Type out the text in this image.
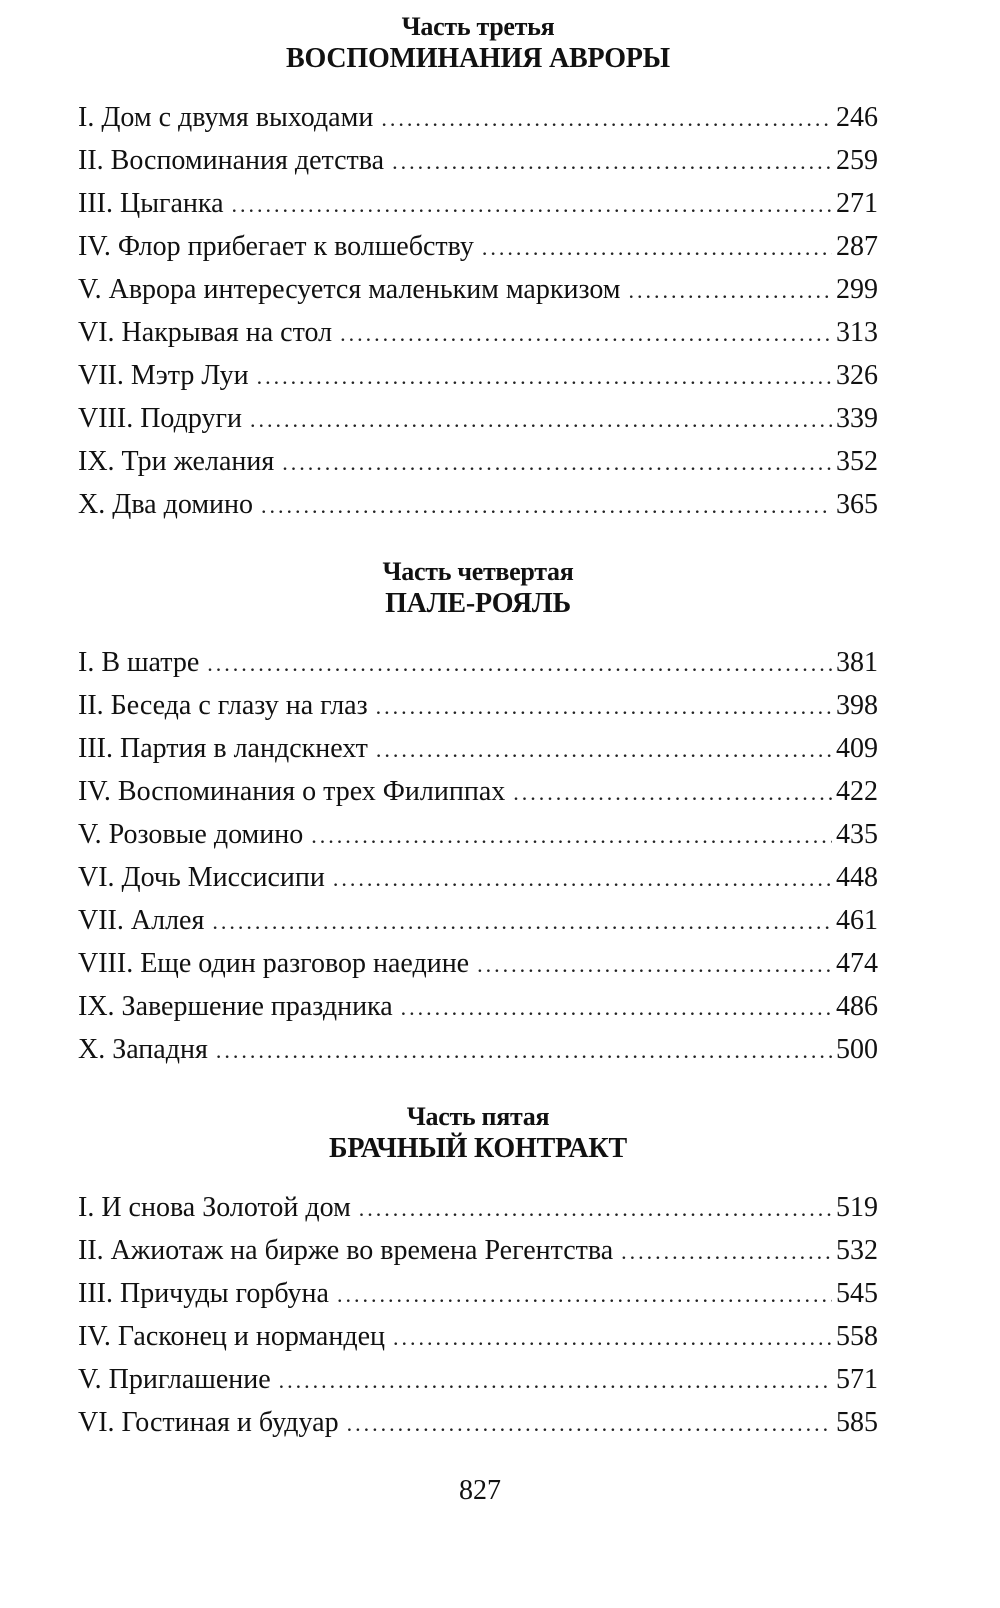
Часть третья
ВОСПОМИНАНИЯ АВРОРЫ
I. Дом с двумя выходами .....	246
II. Воспоминания детства .....	259
III. Цыганка .....	271
IV. Флор прибегает к волшебству .....	287
V. Аврора интересуется маленьким маркизом .....	299
VI. Накрывая на стол .....	313
VII. Мэтр Луи .....	326
VIII. Подруги .....	339
IX. Три желания .....	352
X. Два домино .....	365
Часть четвертая
ПАЛЕ-РОЯЛЬ
I. В шатре .....	381
II. Беседа с глазу на глаз .....	398
III. Партия в ландскнехт .....	409
IV. Воспоминания о трех Филиппах .....	422
V. Розовые домино .....	435
VI. Дочь Миссисипи .....	448
VII. Аллея .....	461
VIII. Еще один разговор наедине .....	474
IX. Завершение праздника .....	486
X. Западня .....	500
Часть пятая
БРАЧНЫЙ КОНТРАКТ
I. И снова Золотой дом .....	519
II. Ажиотаж на бирже во времена Регентства .....	532
III. Причуды горбуна .....	545
IV. Гасконец и нормандец .....	558
V. Приглашение .....	571
VI. Гостиная и будуар .....	585
827
